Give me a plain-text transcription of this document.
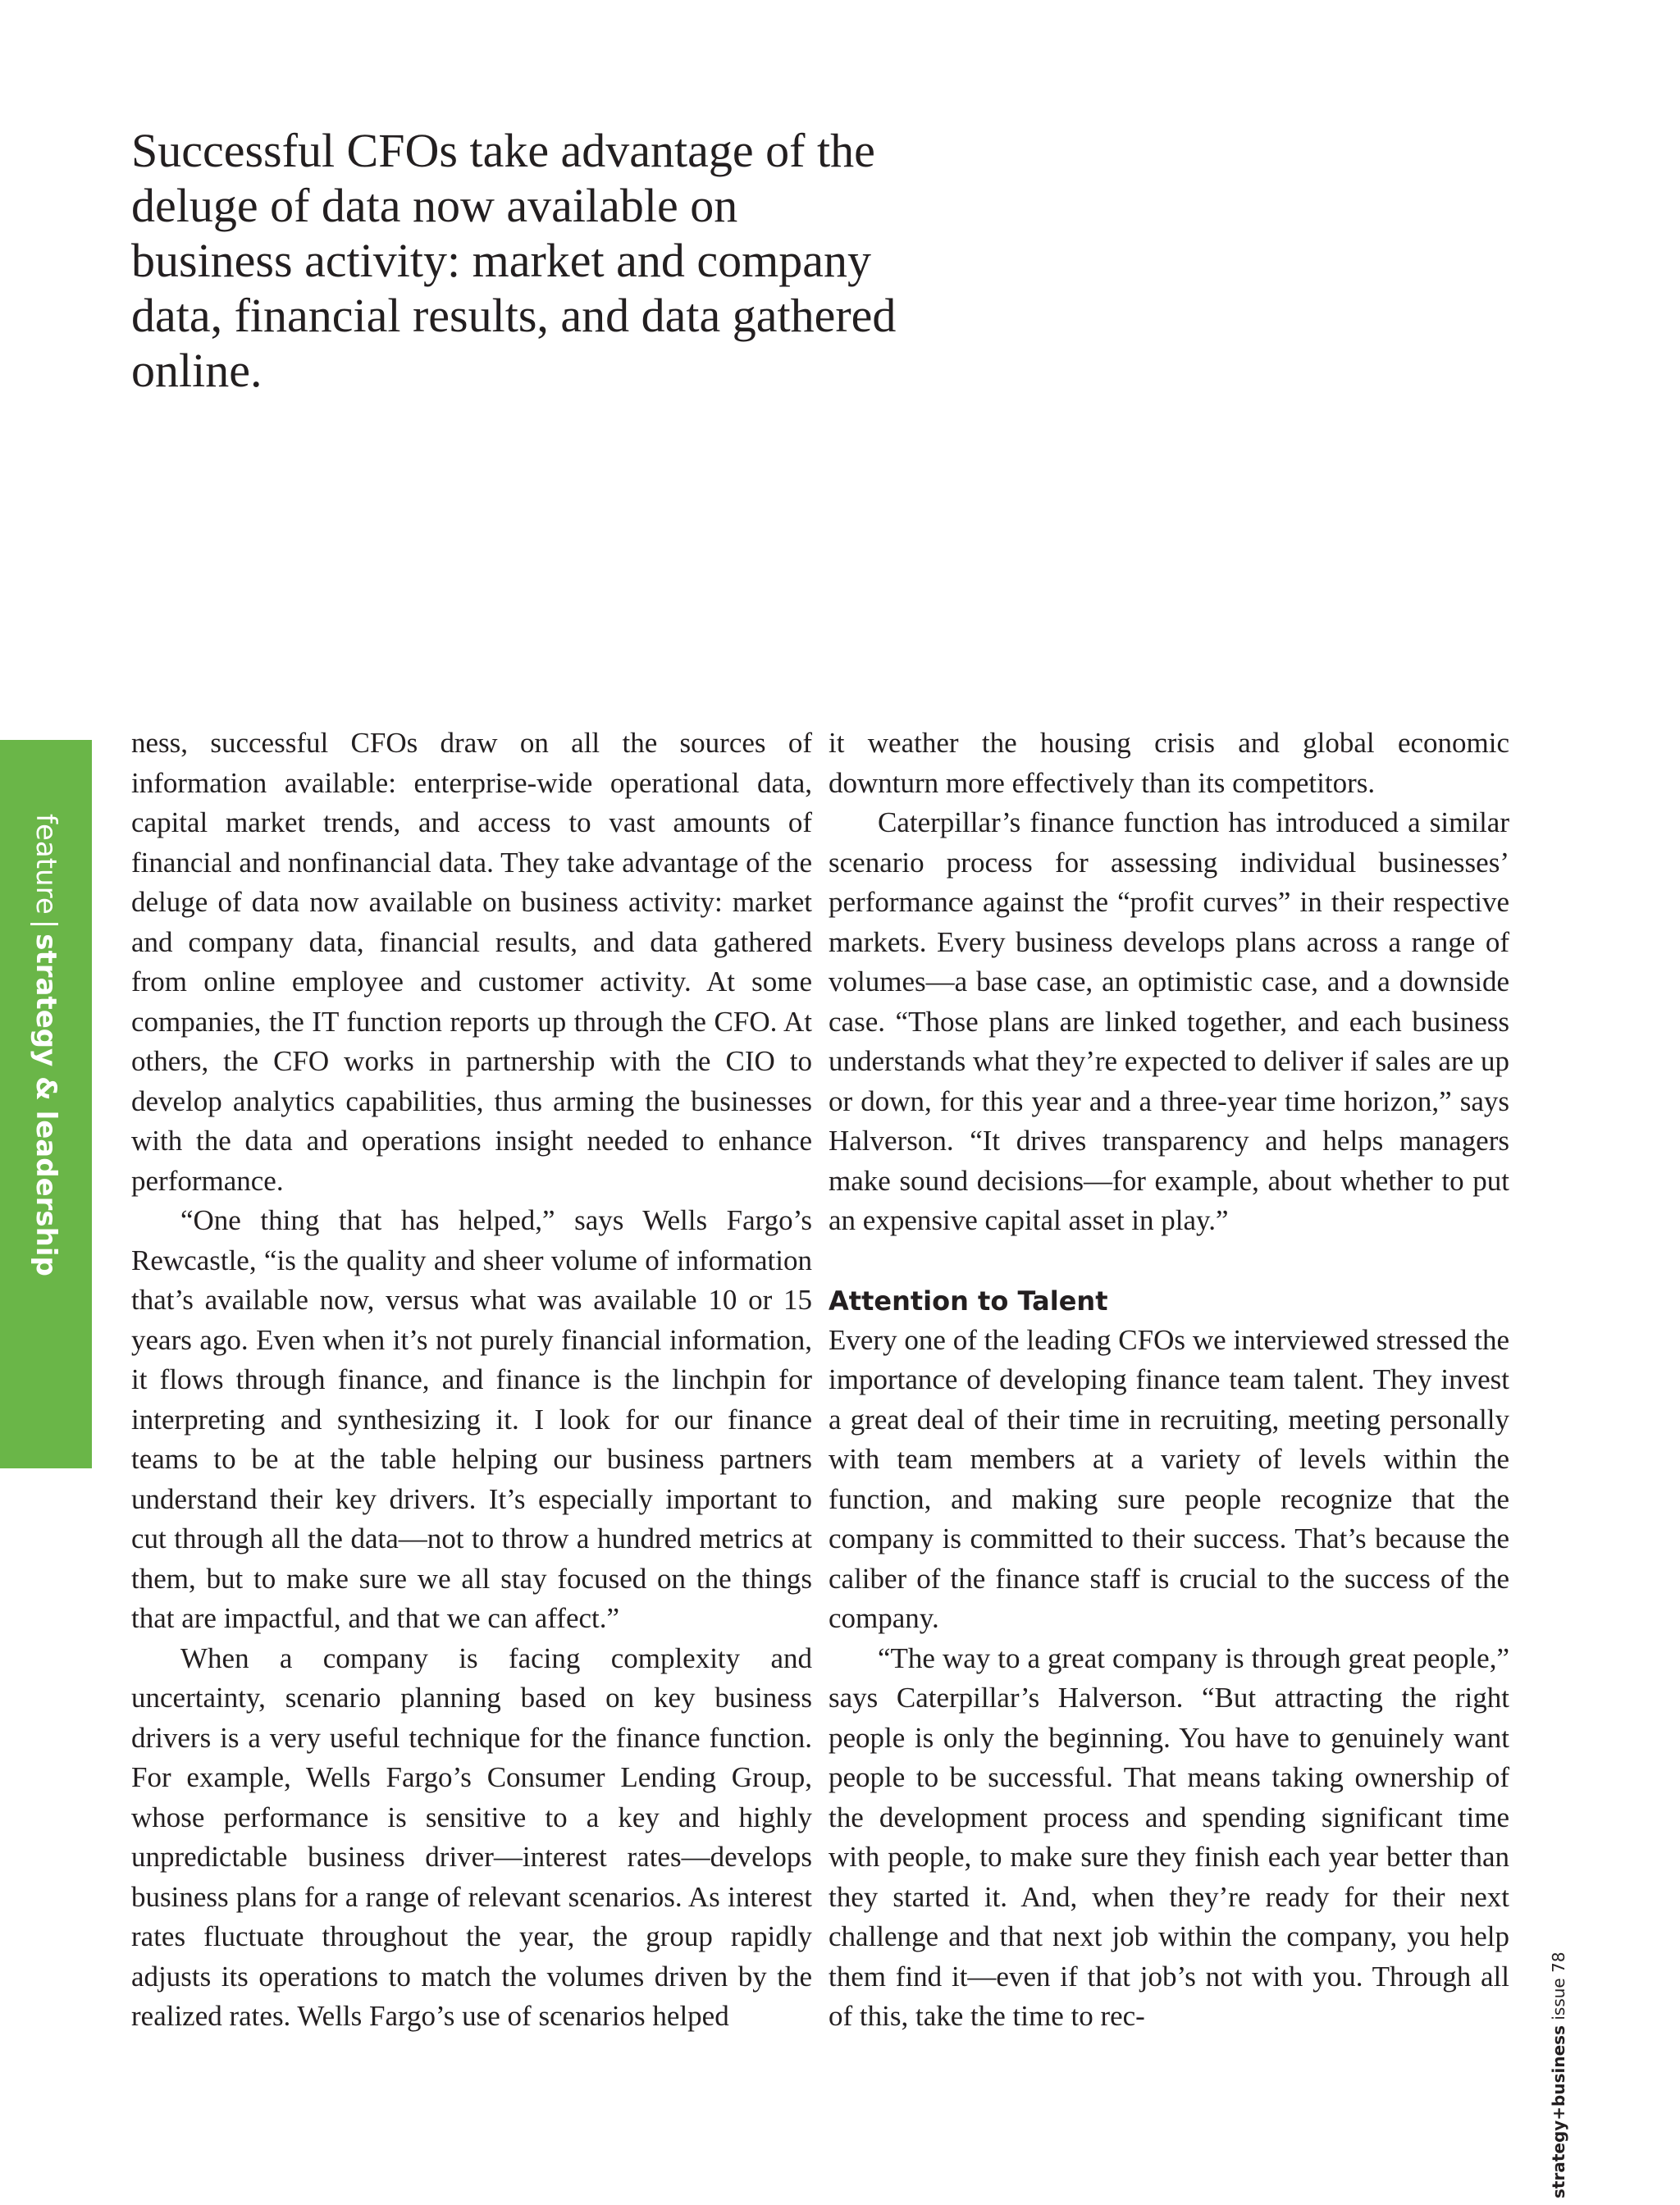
Successful CFOs take advantage of the deluge of data now available on business activity: market and company data, financial results, and data gathered online.
7
feature|strategy & leadership

ness, successful CFOs draw on all the sources of information available: enterprise-wide operational data, capital market trends, and access to vast amounts of financial and nonfinancial data. They take advantage of the deluge of data now available on business activity: market and company data, financial results, and data gathered from online employee and customer activity. At some companies, the IT function reports up through the CFO. At others, the CFO works in partnership with the CIO to develop analytics capabilities, thus arming the businesses with the data and operations insight needed to enhance performance.

“One thing that has helped,” says Wells Fargo’s Rewcastle, “is the quality and sheer volume of information that’s available now, versus what was available 10 or 15 years ago. Even when it’s not purely financial information, it flows through finance, and finance is the linchpin for interpreting and synthesizing it. I look for our finance teams to be at the table helping our business partners understand their key drivers. It’s especially important to cut through all the data—not to throw a hundred metrics at them, but to make sure we all stay focused on the things that are impactful, and that we can affect.”

When a company is facing complexity and uncertainty, scenario planning based on key business drivers is a very useful technique for the finance function. For example, Wells Fargo’s Consumer Lending Group, whose performance is sensitive to a key and highly unpredictable business driver—interest rates—develops business plans for a range of relevant scenarios. As interest rates fluctuate throughout the year, the group rapidly adjusts its operations to match the volumes driven by the realized rates. Wells Fargo’s use of scenarios helped

it weather the housing crisis and global economic downturn more effectively than its competitors.

Caterpillar’s finance function has introduced a similar scenario process for assessing individual businesses’ performance against the “profit curves” in their respective markets. Every business develops plans across a range of volumes—a base case, an optimistic case, and a downside case. “Those plans are linked together, and each business understands what they’re expected to deliver if sales are up or down, for this year and a three-year time horizon,” says Halverson. “It drives transparency and helps managers make sound decisions—for example, about whether to put an expensive capital asset in play.”

Attention to Talent

Every one of the leading CFOs we interviewed stressed the importance of developing finance team talent. They invest a great deal of their time in recruiting, meeting personally with team members at a variety of levels within the function, and making sure people recognize that the company is committed to their success. That’s because the caliber of the finance staff is crucial to the success of the company.

“The way to a great company is through great people,” says Caterpillar’s Halverson. “But attracting the right people is only the beginning. You have to genuinely want people to be successful. That means taking ownership of the development process and spending significant time with people, to make sure they finish each year better than they started it. And, when they’re ready for their next challenge and that next job within the company, you help them find it—even if that job’s not with you. Through all of this, take the time to rec-

strategy+business issue 78
